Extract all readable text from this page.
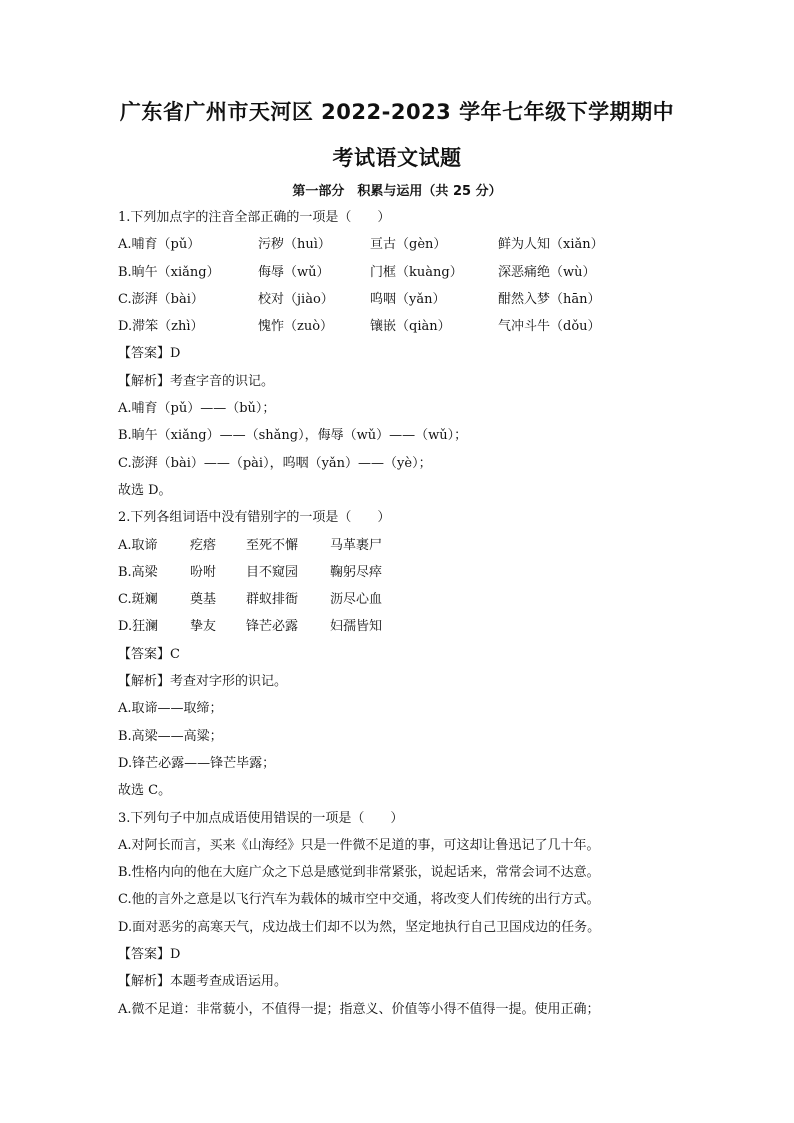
广东省广州市天河区 2022-2023 学年七年级下学期期中
考试语文试题
第一部分　积累与运用（共 25 分）
1.下列加点字的注音全部正确的一项是（　　）
A.哺育（pǔ）	污秽（huì）	亘古（gèn）	鲜为人知（xiǎn）
B.晌午（xiǎng）	侮辱（wǔ）	门框（kuàng）	深恶痛绝（wù）
C.澎湃（bài）	校对（jiào）	呜咽（yǎn）	酣然入梦（hān）
D.滞笨（zhì）	愧怍（zuò）	镶嵌（qiàn）	气冲斗牛（dǒu）
【答案】D
【解析】考查字音的识记。
A.哺育（pǔ）——（bǔ）；
B.晌午（xiǎng）——（shǎng），侮辱（wǔ）——（wǔ）；
C.澎湃（bài）——（pài），呜咽（yǎn）——（yè）；
故选 D。
2.下列各组词语中没有错别字的一项是（　　）
A.取谛 疙瘩 至死不懈 马革裹尸
B.高梁 吩咐 目不窥园 鞠躬尽瘁
C.斑斓 奠基 群蚁排衙 沥尽心血
D.狂澜 挚友 锋芒必露 妇孺皆知
【答案】C
【解析】考查对字形的识记。
A.取谛——取缔；
B.高梁——高粱；
D.锋芒必露——锋芒毕露；
故选 C。
3.下列句子中加点成语使用错误的一项是（　　）
A.对阿长而言，买来《山海经》只是一件微不足道的事，可这却让鲁迅记了几十年。
B.性格内向的他在大庭广众之下总是感觉到非常紧张，说起话来，常常会词不达意。
C.他的言外之意是以飞行汽车为载体的城市空中交通，将改变人们传统的出行方式。
D.面对恶劣的高寒天气，戍边战士们却不以为然，坚定地执行自己卫国戍边的任务。
【答案】D
【解析】本题考查成语运用。
A.微不足道：非常藐小，不值得一提；指意义、价值等小得不值得一提。使用正确；
